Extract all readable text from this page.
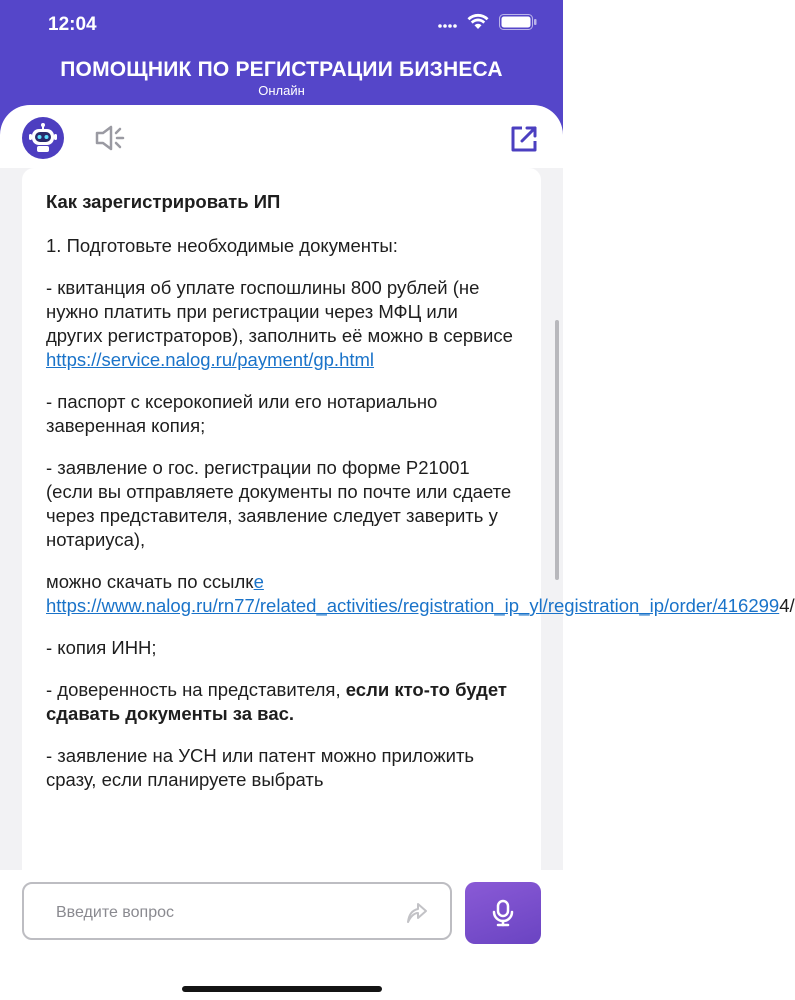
12:04
ПОМОЩНИК ПО РЕГИСТРАЦИИ БИЗНЕСА
Онлайн

Как зарегистрировать ИП

1. Подготовьте необходимые документы:

- квитанция об уплате госпошлины 800 рублей (не нужно платить при регистрации через МФЦ или других регистраторов), заполнить её можно в сервисе https://service.nalog.ru/payment/gp.html

- паспорт с ксерокопией или его нотариально заверенная копия;

- заявление о гос. регистрации по форме Р21001 (если вы отправляете документы по почте или сдаете через представителя, заявление следует заверить у нотариуса),

можно скачать по ссылке https://www.nalog.ru/rn77/related_activities/registration_ip_yl/registration_ip/order/4162994/

- копия ИНН;

- доверенность на представителя, если кто-то будет сдавать документы за вас.

- заявление на УСН или патент можно приложить сразу, если планируете выбрать

Введите вопрос
